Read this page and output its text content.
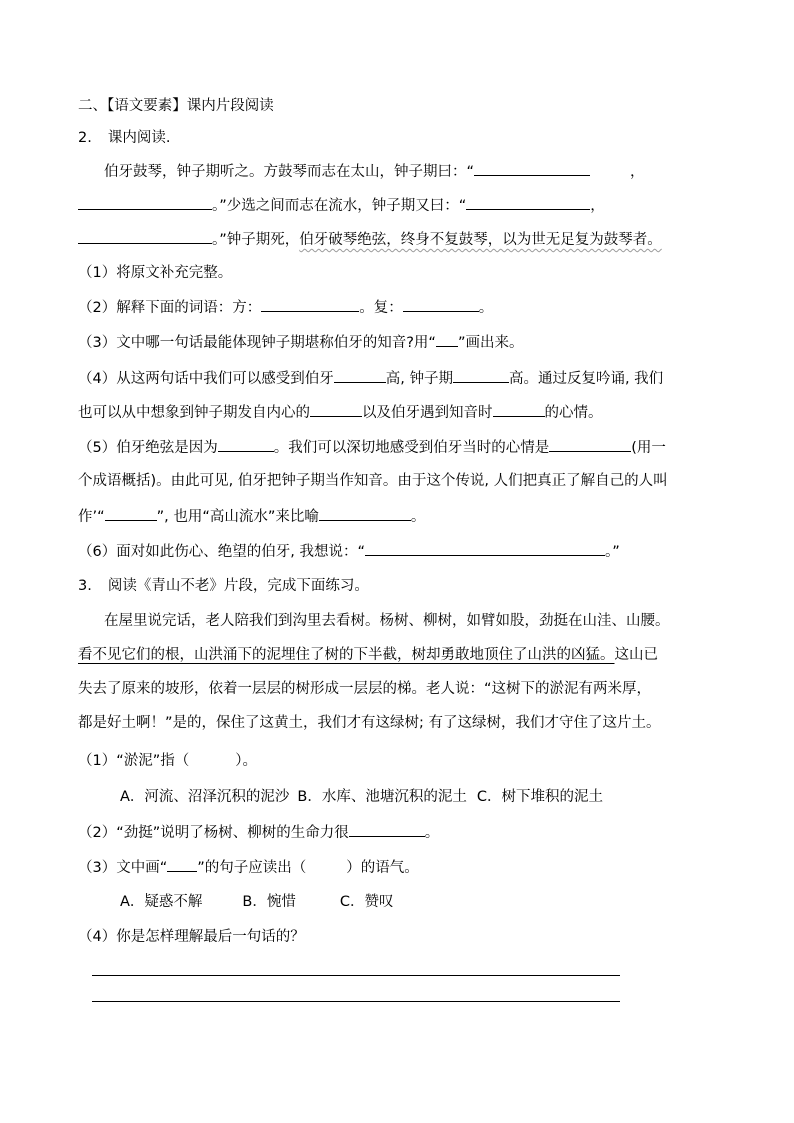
二、【语文要素】课内片段阅读
2. 课内阅读.
伯牙鼓琴，钟子期听之。方鼓琴而志在太山，钟子期曰：“	，
。”少选之间而志在流水，钟子期又曰：“	，
。”钟子期死，伯牙破琴绝弦，终身不复鼓琴，以为世无足复为鼓琴者。
（1）将原文补充完整。
（2）解释下面的词语：方：	。复：	。
（3）文中哪一句话最能体现钟子期堪称伯牙的知音?用“ ”画出来。
（4）从这两句话中我们可以感受到伯牙	高, 钟子期	高。通过反复吟诵, 我们
也可以从中想象到钟子期发自内心的	以及伯牙遇到知音时	的心情。
（5）伯牙绝弦是因为	。我们可以深切地感受到伯牙当时的心情是	(用一
个成语概括)。由此可见, 伯牙把钟子期当作知音。由于这个传说, 人们把真正了解自己的人叫
作’“	”, 也用“高山流水”来比喻	。
（6）面对如此伤心、绝望的伯牙, 我想说：“	。”
3. 阅读《青山不老》片段，完成下面练习。
在屋里说完话，老人陪我们到沟里去看树。杨树、柳树，如臂如股，劲挺在山洼、山腰。
看不见它们的根，山洪涌下的泥埋住了树的下半截，树却勇敢地顶住了山洪的凶猛。这山已
失去了原来的坡形，依着一层层的树形成一层层的梯。老人说：“这树下的淤泥有两米厚，
都是好土啊！”是的，保住了这黄土，我们才有这绿树; 有了这绿树，我们才守住了这片土。
（1）“淤泥”指（	）。
A．河流、沼泽沉积的泥沙 B．水库、池塘沉积的泥土 C．树下堆积的泥土
（2）“劲挺”说明了杨树、柳树的生命力很	。
（3）文中画“ ”的句子应读出（	）的语气。
A．疑惑不解	B．惋惜	C．赞叹
（4）你是怎样理解最后一句话的？
